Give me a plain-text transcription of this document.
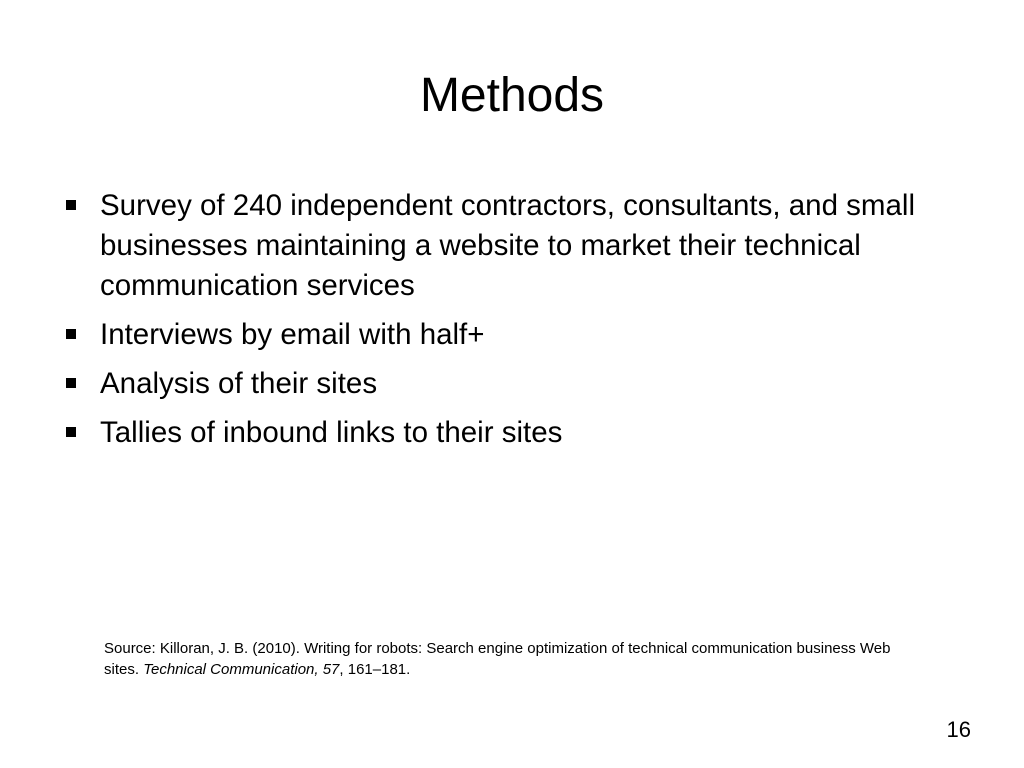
Methods
Survey of 240 independent contractors, consultants, and small businesses maintaining a website to market their technical communication services
Interviews by email with half+
Analysis of their sites
Tallies of inbound links to their sites
Source: Killoran, J. B. (2010). Writing for robots: Search engine optimization of technical communication business Web sites. Technical Communication, 57, 161–181.
16
